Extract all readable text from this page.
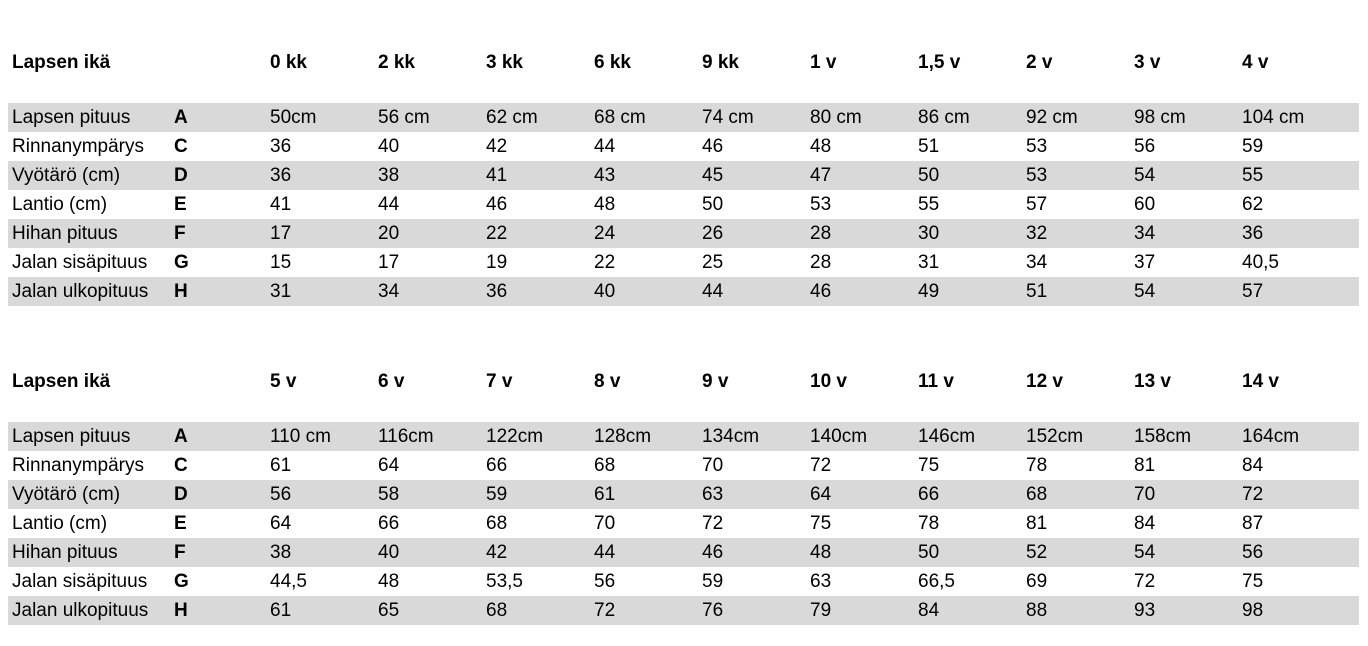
Lapsen ikä		0 kk	2 kk	3 kk	6 kk	9 kk	1 v	1,5 v	2 v	3 v	4 v

Lapsen pituus	A	50cm	56 cm	62 cm	68 cm	74 cm	80 cm	86 cm	92 cm	98 cm	104 cm
Rinnanympärys	C	36	40	42	44	46	48	51	53	56	59
Vyötärö (cm)	D	36	38	41	43	45	47	50	53	54	55
Lantio (cm)	E	41	44	46	48	50	53	55	57	60	62
Hihan pituus	F	17	20	22	24	26	28	30	32	34	36
Jalan sisäpituus	G	15	17	19	22	25	28	31	34	37	40,5
Jalan ulkopituus	H	31	34	36	40	44	46	49	51	54	57
Lapsen ikä		5 v	6 v	7 v	8 v	9 v	10 v	11 v	12 v	13 v	14 v

Lapsen pituus	A	110 cm	116cm	122cm	128cm	134cm	140cm	146cm	152cm	158cm	164cm
Rinnanympärys	C	61	64	66	68	70	72	75	78	81	84
Vyötärö (cm)	D	56	58	59	61	63	64	66	68	70	72
Lantio (cm)	E	64	66	68	70	72	75	78	81	84	87
Hihan pituus	F	38	40	42	44	46	48	50	52	54	56
Jalan sisäpituus	G	44,5	48	53,5	56	59	63	66,5	69	72	75
Jalan ulkopituus	H	61	65	68	72	76	79	84	88	93	98
